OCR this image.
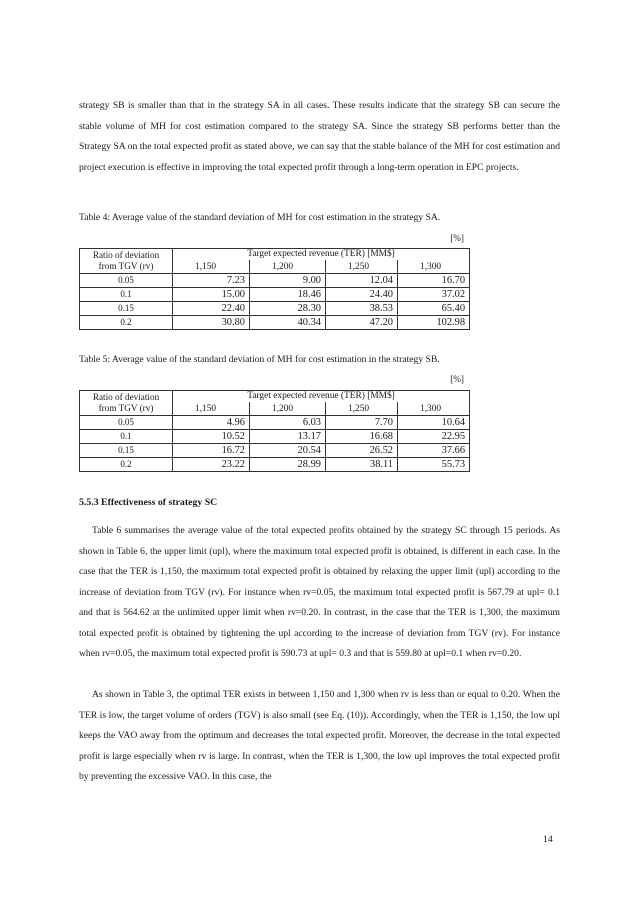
strategy SB is smaller than that in the strategy SA in all cases. These results indicate that the strategy SB can secure the stable volume of MH for cost estimation compared to the strategy SA. Since the strategy SB performs better than the Strategy SA on the total expected profit as stated above, we can say that the stable balance of the MH for cost estimation and project execution is effective in improving the total expected profit through a long-term operation in EPC projects.

Table 4: Average value of the standard deviation of MH for cost estimation in the strategy SA.

[%]
Ratio of deviation
from TGV (rv)	Target expected revenue (TER) [MM$]			
	1,150	1,200	1,250	1,300
0.05	7.23	9.00	12.04	16.70
0.1	15.00	18.46	24.40	37.02
0.15	22.40	28.30	38.53	65.40
0.2	30.80	40.34	47.20	102.98

Table 5: Average value of the standard deviation of MH for cost estimation in the strategy SB.

[%]
Ratio of deviation
from TGV (rv)	Target expected revenue (TER) [MM$]			
	1,150	1,200	1,250	1,300
0.05	4.96	6.03	7.70	10.64
0.1	10.52	13.17	16.68	22.95
0.15	16.72	20.54	26.52	37.66
0.2	23.22	28.99	38.11	55.73

5.5.3 Effectiveness of strategy SC

Table 6 summarises the average value of the total expected profits obtained by the strategy SC through 15 periods. As shown in Table 6, the upper limit (upl), where the maximum total expected profit is obtained, is different in each case. In the case that the TER is 1,150, the maximum total expected profit is obtained by relaxing the upper limit (upl) according to the increase of deviation from TGV (rv). For instance when rv=0.05, the maximum total expected profit is 567.79 at upl= 0.1 and that is 564.62 at the unlimited upper limit when rv=0.20. In contrast, in the case that the TER is 1,300, the maximum total expected profit is obtained by tightening the upl according to the increase of deviation from TGV (rv). For instance when rv=0.05, the maximum total expected profit is 590.73 at upl= 0.3 and that is 559.80 at upl=0.1 when rv=0.20.

As shown in Table 3, the optimal TER exists in between 1,150 and 1,300 when rv is less than or equal to 0.20. When the TER is low, the target volume of orders (TGV) is also small (see Eq. (10)). Accordingly, when the TER is 1,150, the low upl keeps the VAO away from the optimum and decreases the total expected profit. Moreover, the decrease in the total expected profit is large especially when rv is large. In contrast, when the TER is 1,300, the low upl improves the total expected profit by preventing the excessive VAO. In this case, the

14
